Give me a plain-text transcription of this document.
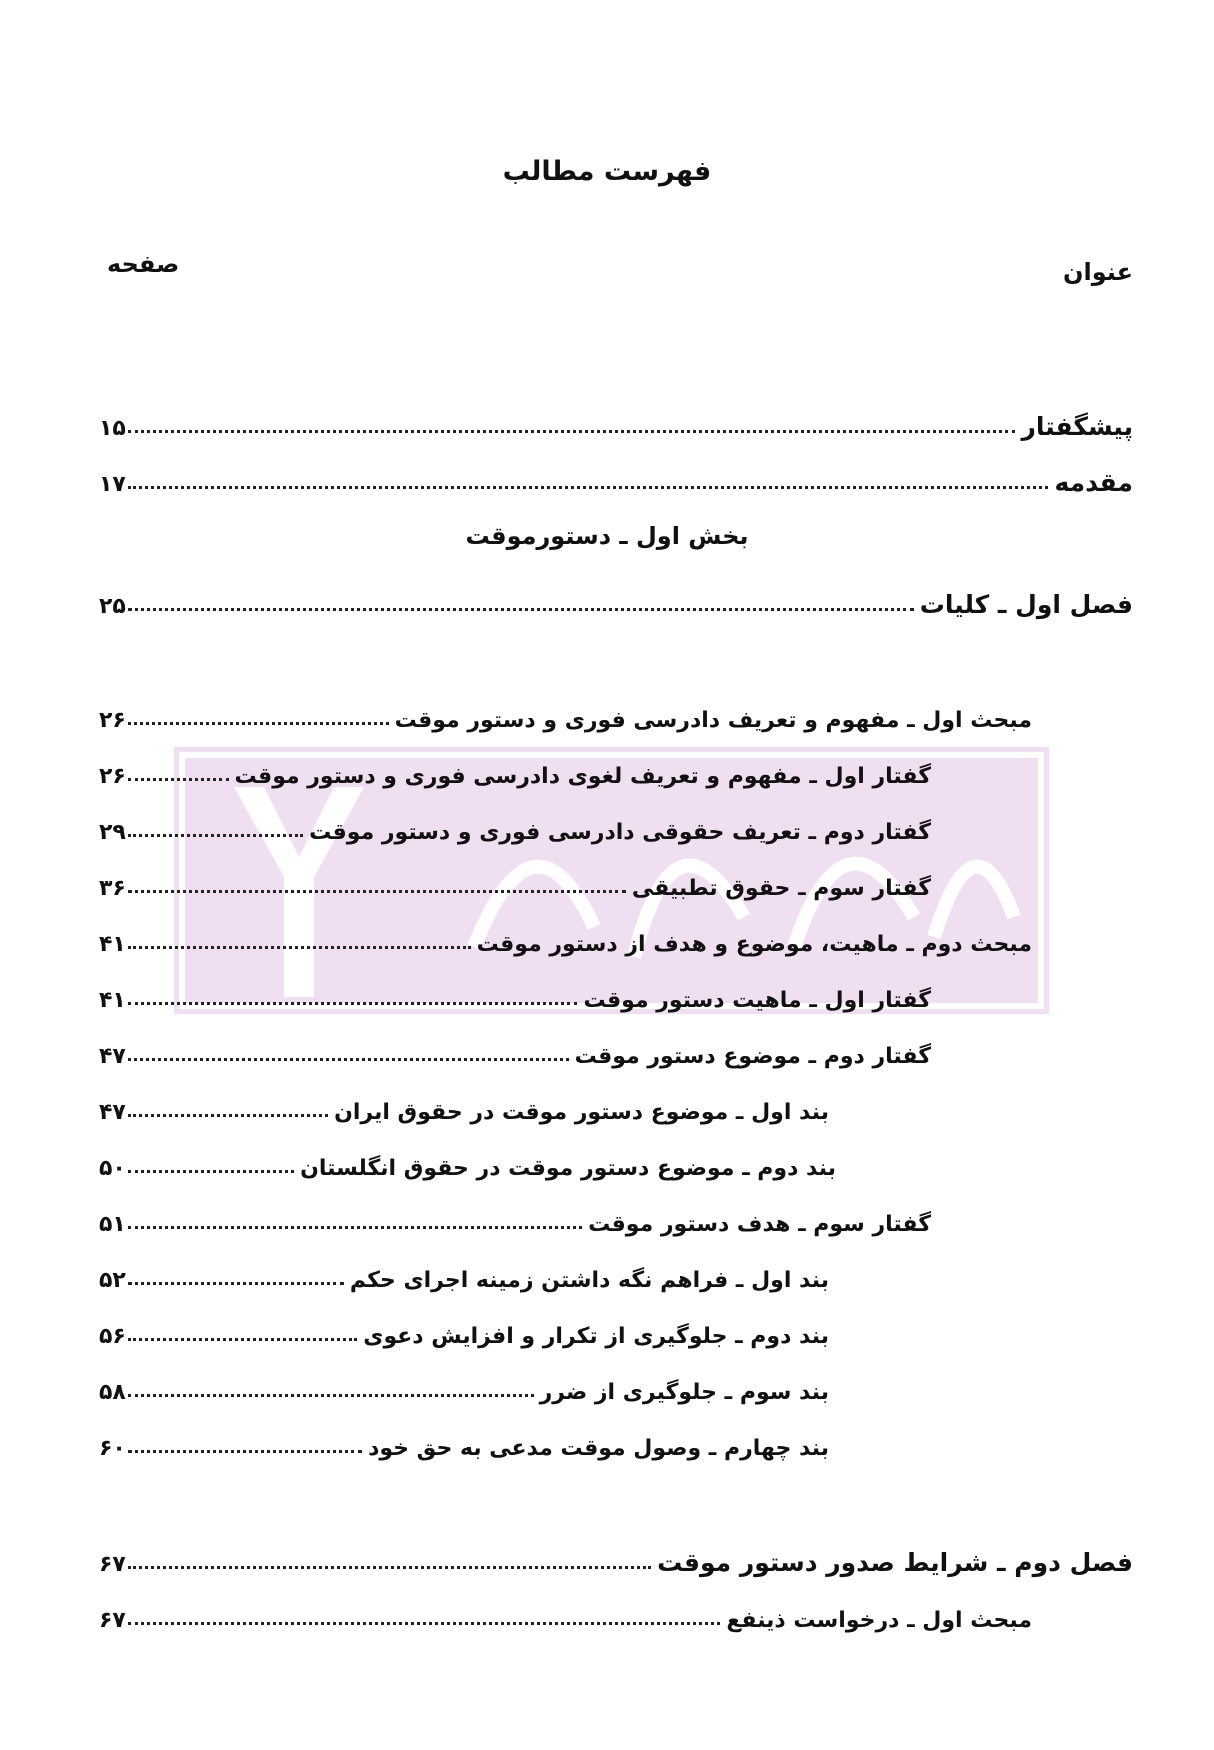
فهرست مطالب
عنوان
صفحه
بخش اول ـ دستورموقت
پیشگفتار
۱۵
مقدمه
۱۷
فصل اول ـ کلیات
۲۵
مبحث اول ـ مفهوم و تعریف دادرسی فوری و دستور موقت
۲۶
گفتار اول ـ مفهوم و تعریف لغوی دادرسی فوری و دستور موقت
۲۶
گفتار دوم ـ تعریف حقوقی دادرسی فوری و دستور موقت
۲۹
گفتار سوم ـ حقوق تطبیقی
۳۶
مبحث دوم ـ ماهیت، موضوع و هدف از دستور موقت
۴۱
گفتار اول ـ ماهیت دستور موقت
۴۱
گفتار دوم ـ موضوع دستور موقت
۴۷
بند اول ـ موضوع دستور موقت در حقوق ایران
۴۷
بند دوم ـ موضوع دستور موقت در حقوق انگلستان
۵۰
گفتار سوم ـ هدف دستور موقت
۵۱
بند اول ـ فراهم نگه داشتن زمینه اجرای حکم
۵۲
بند دوم ـ جلوگیری از تکرار و افزایش دعوی
۵۶
بند سوم ـ جلوگیری از ضرر
۵۸
بند چهارم ـ وصول موقت مدعی به حق خود
۶۰
فصل دوم ـ شرایط صدور دستور موقت
۶۷
مبحث اول ـ درخواست ذینفع
۶۷
